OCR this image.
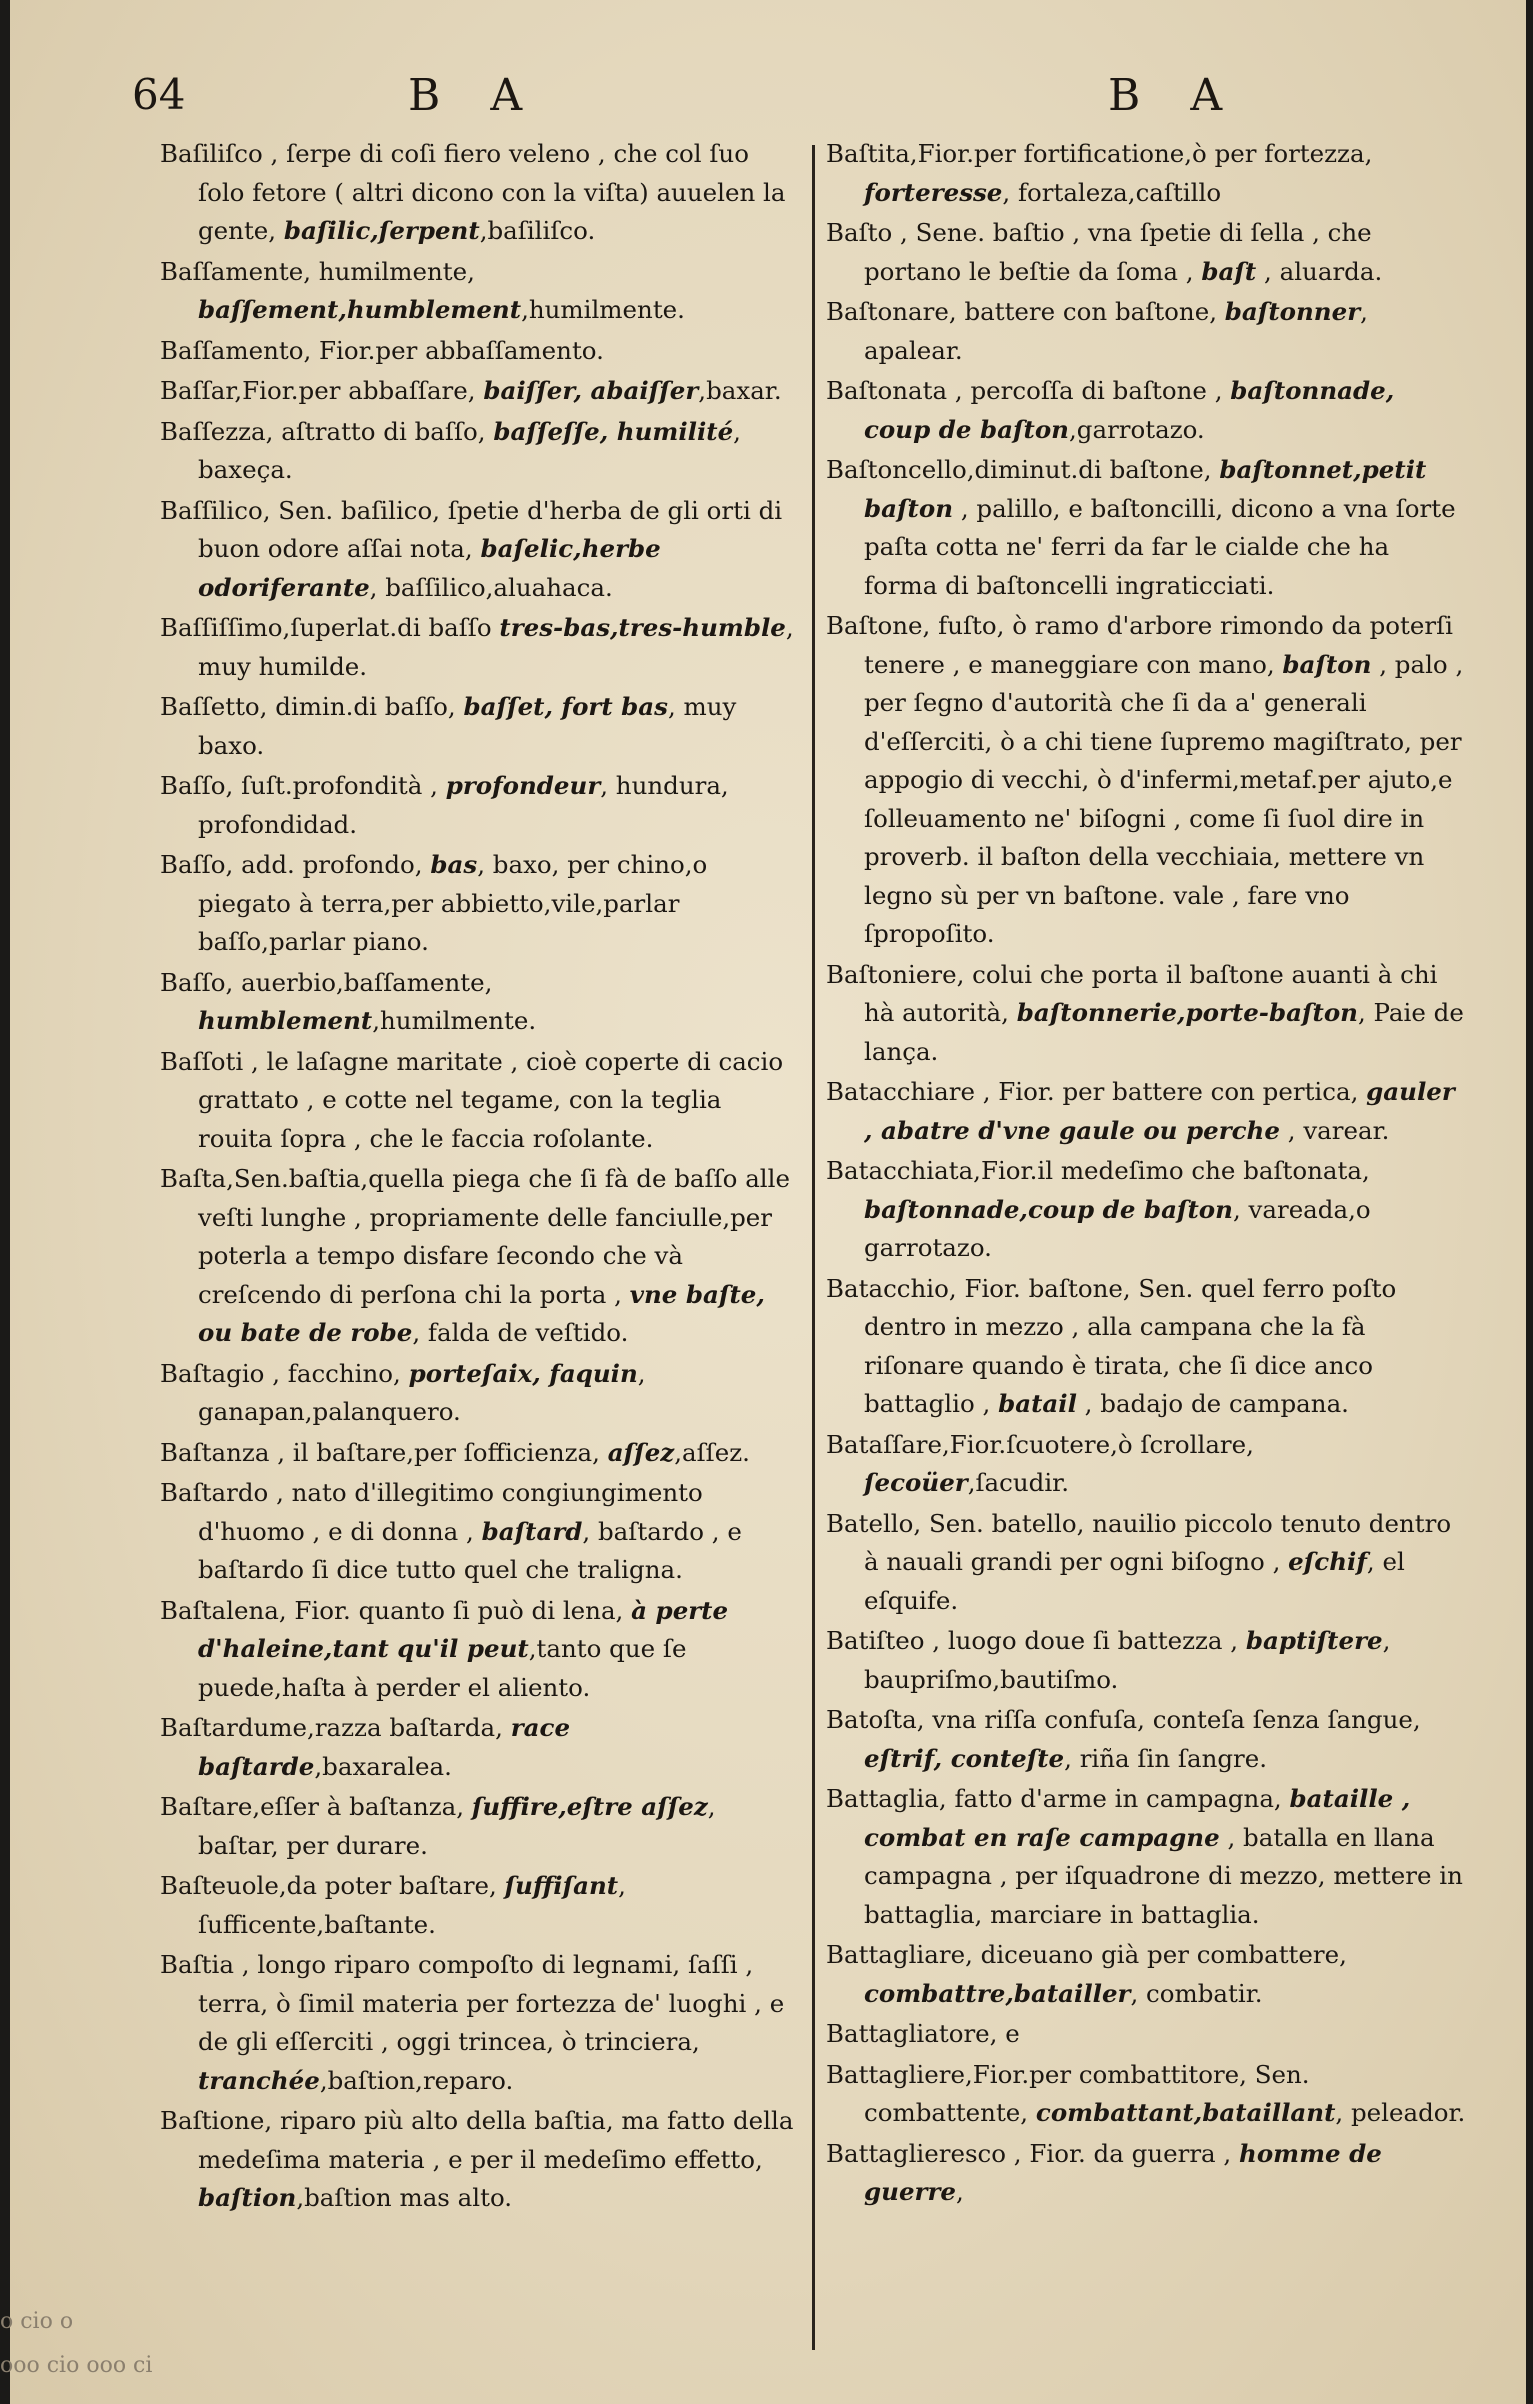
64	B A	B A
Baſiliſco , ſerpe di coſi fiero veleno , che col ſuo ſolo fetore ( altri dicono con la viſta) auuelen la gente, baſilic,ſerpent,baſiliſco.
Baſſamente, humilmente, baſſement,humblement,humilmente.
Baſſamento, Fior.per abbaſſamento.
Baſſar,Fior.per abbaſſare, baiſſer, abaiſſer,baxar.
Baſſezza, aſtratto di baſſo, baſſeſſe, humilité, baxeça.
Baſſilico, Sen. baſilico, ſpetie d'herba de gli orti di buon odore aſſai nota, baſelic,herbe odoriferante, baſſilico,aluahaca.
Baſſiſſimo,ſuperlat.di baſſo tres-bas,tres-humble, muy humilde.
Baſſetto, dimin.di baſſo, baſſet, fort bas, muy baxo.
Baſſo, ſuſt.profondità , profondeur, hundura, profondidad.
Baſſo, add. profondo, bas, baxo, per chino,o piegato à terra,per abbietto,vile,parlar baſſo,parlar piano.
Baſſo, auerbio,baſſamente, humblement,humilmente.
Baſſoti , le laſagne maritate , cioè coperte di cacio grattato , e cotte nel tegame, con la teglia rouita ſopra , che le faccia roſolante.
Baſta,Sen.baſtia,quella piega che ſi fà de baſſo alle veſti lunghe , propriamente delle fanciulle,per poterla a tempo disfare ſecondo che và creſcendo di perſona chi la porta , vne baſte, ou bate de robe, falda de veſtido.
Baſtagio , facchino, porteſaix, faquin, ganapan,palanquero.
Baſtanza , il baſtare,per ſofficienza, aſſez,aſſez.
Baſtardo , nato d'illegitimo congiungimento d'huomo , e di donna , baſtard, baſtardo , e baſtardo ſi dice tutto quel che traligna.
Baſtalena, Fior. quanto ſi può di lena, à perte d'haleine,tant qu'il peut,tanto que ſe puede,haſta à perder el aliento.
Baſtardume,razza baſtarda, race baſtarde,baxaralea.
Baſtare,eſſer à baſtanza, ſuffire,eſtre aſſez, baſtar, per durare.
Baſteuole,da poter baſtare, ſuffiſant, ſufficente,baſtante.
Baſtia , longo riparo compoſto di legnami, ſaſſi , terra, ò ſimil materia per fortezza de' luoghi , e de gli eſſerciti , oggi trincea, ò trinciera, tranchée,baſtion,reparo.
Baſtione, riparo più alto della baſtia, ma fatto della medeſima materia , e per il medeſimo effetto, baſtion,baſtion mas alto.
Baſtita,Fior.per fortificatione,ò per fortezza, forteresse, fortaleza,caſtillo
Baſto , Sene. baſtio , vna ſpetie di ſella , che portano le beſtie da ſoma , baſt , aluarda.
Baſtonare, battere con baſtone, baſtonner, apalear.
Baſtonata , percoſſa di baſtone , baſtonnade, coup de baſton,garrotazo.
Baſtoncello,diminut.di baſtone, baſtonnet,petit baſton , palillo, e baſtoncilli, dicono a vna ſorte paſta cotta ne' ferri da far le cialde che ha forma di baſtoncelli ingraticciati.
Baſtone, fuſto, ò ramo d'arbore rimondo da poterſi tenere , e maneggiare con mano, baſton , palo , per ſegno d'autorità che ſi da a' generali d'eſſerciti, ò a chi tiene ſupremo magiſtrato, per appogio di vecchi, ò d'infermi,metaf.per ajuto,e ſolleuamento ne' biſogni , come ſi ſuol dire in proverb. il baſton della vecchiaia, mettere vn legno sù per vn baſtone. vale , fare vno ſpropoſito.
Baſtoniere, colui che porta il baſtone auanti à chi hà autorità, baſtonnerie,porte-baſton, Paie de lança.
Batacchiare , Fior. per battere con pertica, gauler , abatre d'vne gaule ou perche , varear.
Batacchiata,Fior.il medeſimo che baſtonata, baſtonnade,coup de baſton, vareada,o garrotazo.
Batacchio, Fior. baſtone, Sen. quel ferro poſto dentro in mezzo , alla campana che la fà riſonare quando è tirata, che ſi dice anco battaglio , batail , badajo de campana.
Bataſſare,Fior.ſcuotere,ò ſcrollare, ſecoüer,ſacudir.
Batello, Sen. batello, nauilio piccolo tenuto dentro à nauali grandi per ogni biſogno , eſchif, el eſquife.
Batiſteo , luogo doue ſi battezza , baptiſtere, baupriſmo,bautiſmo.
Batoſta, vna riſſa confuſa, conteſa ſenza ſangue, eſtrif, conteſte, riña ſin ſangre.
Battaglia, fatto d'arme in campagna, bataille , combat en raſe campagne , batalla en llana campagna , per iſquadrone di mezzo, mettere in battaglia, marciare in battaglia.
Battagliare, diceuano già per combattere, combattre,batailler, combatir.
Battagliatore, e
Battagliere,Fior.per combattitore, Sen. combattente, combattant,bataillant, peleador.
Battaglieresco , Fior. da guerra , homme de guerre,
o cio o
ooo cio ooo ci
